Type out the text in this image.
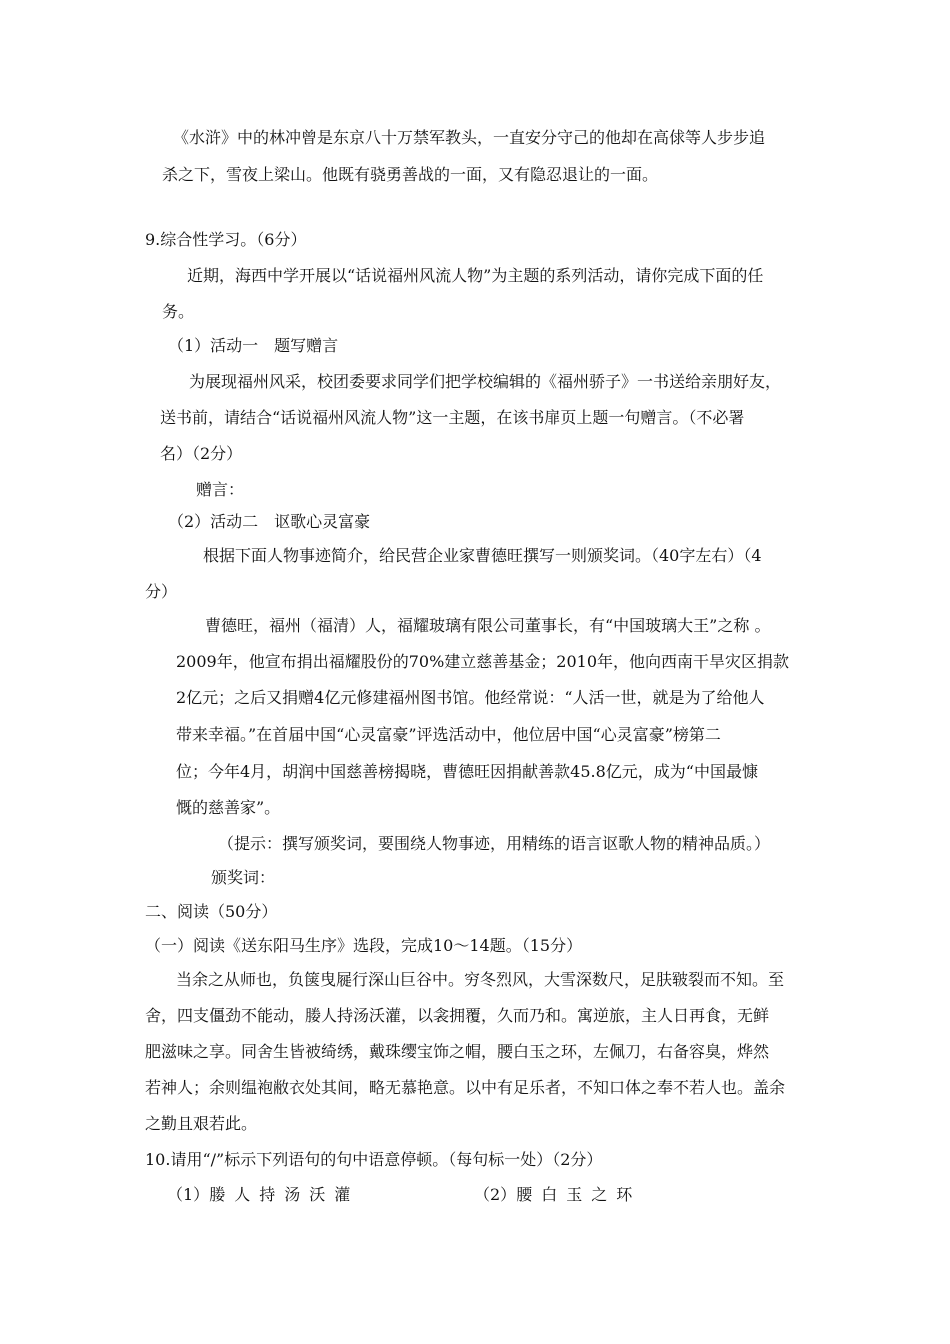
《水浒》中的林冲曾是东京八十万禁军教头，一直安分守己的他却在高俅等人步步追
杀之下，雪夜上梁山。他既有骁勇善战的一面，又有隐忍退让的一面。
9.综合性学习。（6分）
近期，海西中学开展以“话说福州风流人物”为主题的系列活动，请你完成下面的任
务。
（1）活动一　题写赠言
为展现福州风采，校团委要求同学们把学校编辑的《福州骄子》一书送给亲朋好友，
送书前，请结合“话说福州风流人物”这一主题，在该书扉页上题一句赠言。（不必署
名）（2分）
赠言：
（2）活动二　讴歌心灵富豪
根据下面人物事迹简介，给民营企业家曹德旺撰写一则颁奖词。（40字左右）（4
分）
曹德旺，福州（福清）人，福耀玻璃有限公司董事长，有“中国玻璃大王”之称 。
2009年，他宣布捐出福耀股份的70%建立慈善基金；2010年，他向西南干旱灾区捐款
2亿元；之后又捐赠4亿元修建福州图书馆。他经常说：“人活一世，就是为了给他人
带来幸福。”在首届中国“心灵富豪”评选活动中，他位居中国“心灵富豪”榜第二
位；今年4月，胡润中国慈善榜揭晓，曹德旺因捐献善款45.8亿元，成为“中国最慷
慨的慈善家”。
（提示：撰写颁奖词，要围绕人物事迹，用精练的语言讴歌人物的精神品质。）
颁奖词：
二、阅读（50分）
（一）阅读《送东阳马生序》选段，完成10～14题。（15分）
当余之从师也，负箧曳屣行深山巨谷中。穷冬烈风，大雪深数尺，足肤皲裂而不知。至
舍，四支僵劲不能动，媵人持汤沃灌，以衾拥覆，久而乃和。寓逆旅，主人日再食，无鲜
肥滋味之享。同舍生皆被绮绣，戴珠缨宝饰之帽，腰白玉之环，左佩刀，右备容臭，烨然
若神人；余则缊袍敝衣处其间，略无慕艳意。以中有足乐者，不知口体之奉不若人也。盖余
之勤且艰若此。
10.请用“/”标示下列语句的句中语意停顿。（每句标一处）（2分）
（1）媵人持汤沃灌	（2）腰白玉之环
